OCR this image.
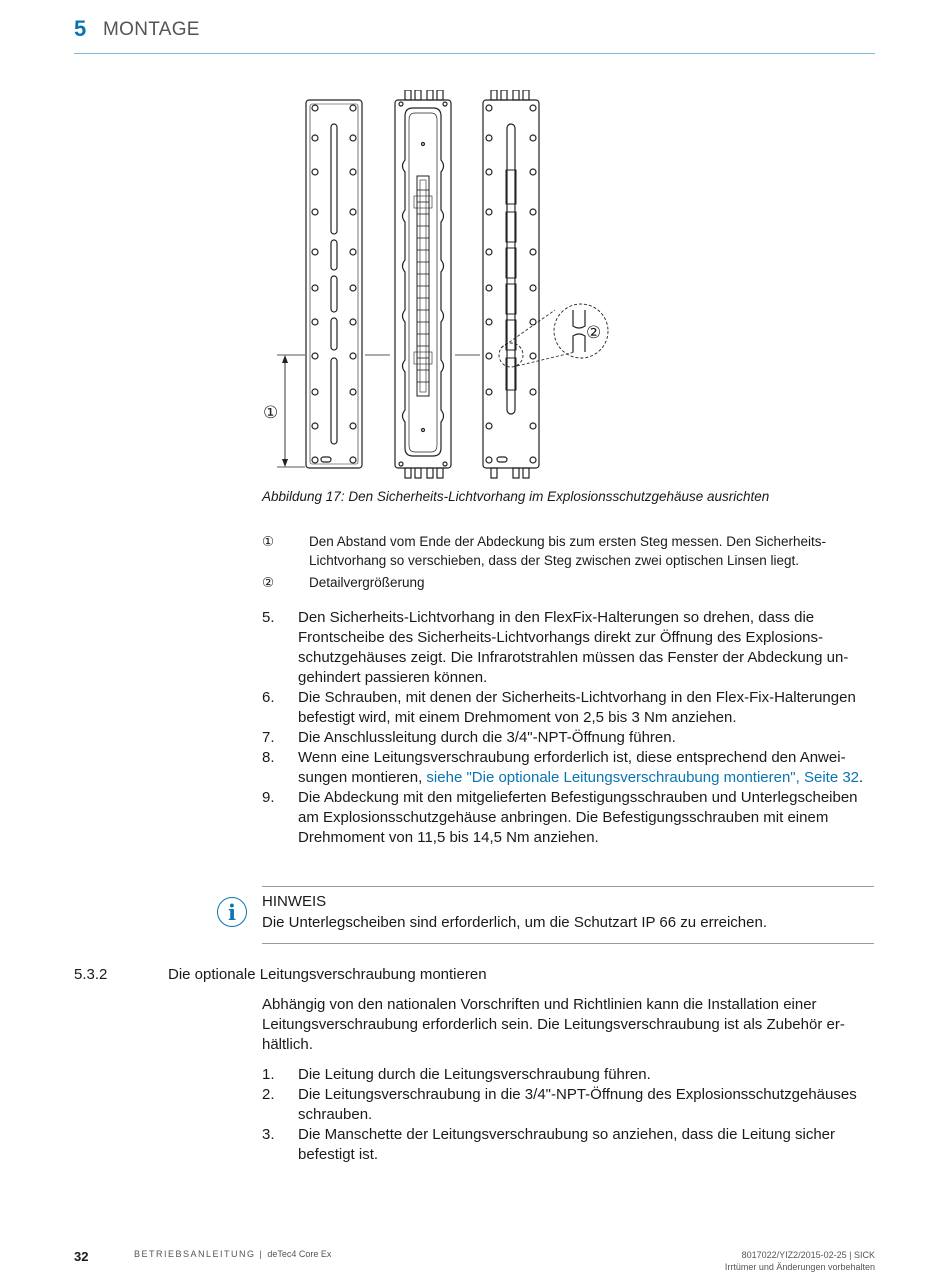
5 MONTAGE
①
②
Abbildung 17: Den Sicherheits-Lichtvorhang im Explosionsschutzgehäuse ausrichten
①	Den Abstand vom Ende der Abdeckung bis zum ersten Steg messen. Den Sicherheits-Lichtvorhang so verschieben, dass der Steg zwischen zwei optischen Linsen liegt.
②	Detailvergrößerung
5. Den Sicherheits-Lichtvorhang in den FlexFix-Halterungen so drehen, dass die Frontscheibe des Sicherheits-Lichtvorhangs direkt zur Öffnung des Explosionsschutzgehäuses zeigt. Die Infrarotstrahlen müssen das Fenster der Abdeckung ungehindert passieren können.
6. Die Schrauben, mit denen der Sicherheits-Lichtvorhang in den Flex-Fix-Halterungen befestigt wird, mit einem Drehmoment von 2,5 bis 3 Nm anziehen.
7. Die Anschlussleitung durch die 3/4"-NPT-Öffnung führen.
8. Wenn eine Leitungsverschraubung erforderlich ist, diese entsprechend den Anweisungen montieren, siehe "Die optionale Leitungsverschraubung montieren", Seite 32.
9. Die Abdeckung mit den mitgelieferten Befestigungsschrauben und Unterlegscheiben am Explosionsschutzgehäuse anbringen. Die Befestigungsschrauben mit einem Drehmoment von 11,5 bis 14,5 Nm anziehen.
i	HINWEIS
Die Unterlegscheiben sind erforderlich, um die Schutzart IP 66 zu erreichen.
5.3.2	Die optionale Leitungsverschraubung montieren
Abhängig von den nationalen Vorschriften und Richtlinien kann die Installation einer Leitungsverschraubung erforderlich sein. Die Leitungsverschraubung ist als Zubehör erhältlich.
1. Die Leitung durch die Leitungsverschraubung führen.
2. Die Leitungsverschraubung in die 3/4"-NPT-Öffnung des Explosionsschutzgehäuses schrauben.
3. Die Manschette der Leitungsverschraubung so anziehen, dass die Leitung sicher befestigt ist.
32	BETRIEBSANLEITUNG | deTec4 Core Ex	8017022/YIZ2/2015-02-25 | SICK
Irrtümer und Änderungen vorbehalten
